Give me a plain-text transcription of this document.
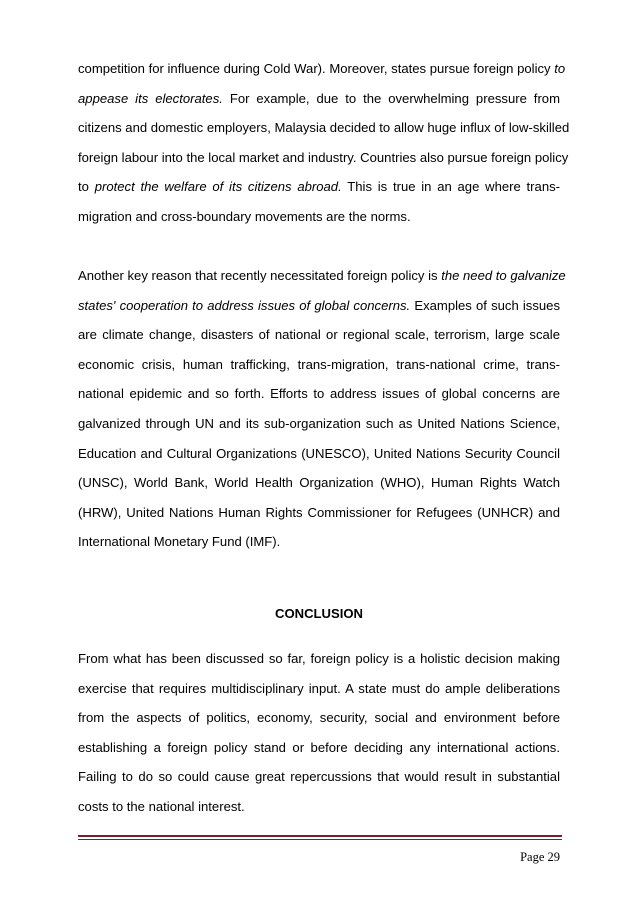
competition for influence during Cold War). Moreover, states pursue foreign policy to
appease its electorates. For example, due to the overwhelming pressure from
citizens and domestic employers, Malaysia decided to allow huge influx of low-skilled
foreign labour into the local market and industry. Countries also pursue foreign policy
to protect the welfare of its citizens abroad. This is true in an age where trans-
migration and cross-boundary movements are the norms.
Another key reason that recently necessitated foreign policy is the need to galvanize
states' cooperation to address issues of global concerns. Examples of such issues
are climate change, disasters of national or regional scale, terrorism, large scale
economic crisis, human trafficking, trans-migration, trans-national crime, trans-
national epidemic and so forth. Efforts to address issues of global concerns are
galvanized through UN and its sub-organization such as United Nations Science,
Education and Cultural Organizations (UNESCO), United Nations Security Council
(UNSC), World Bank, World Health Organization (WHO), Human Rights Watch
(HRW), United Nations Human Rights Commissioner for Refugees (UNHCR) and
International Monetary Fund (IMF).
CONCLUSION
From what has been discussed so far, foreign policy is a holistic decision making
exercise that requires multidisciplinary input. A state must do ample deliberations
from the aspects of politics, economy, security, social and environment before
establishing a foreign policy stand or before deciding any international actions.
Failing to do so could cause great repercussions that would result in substantial
costs to the national interest.
Page 29
